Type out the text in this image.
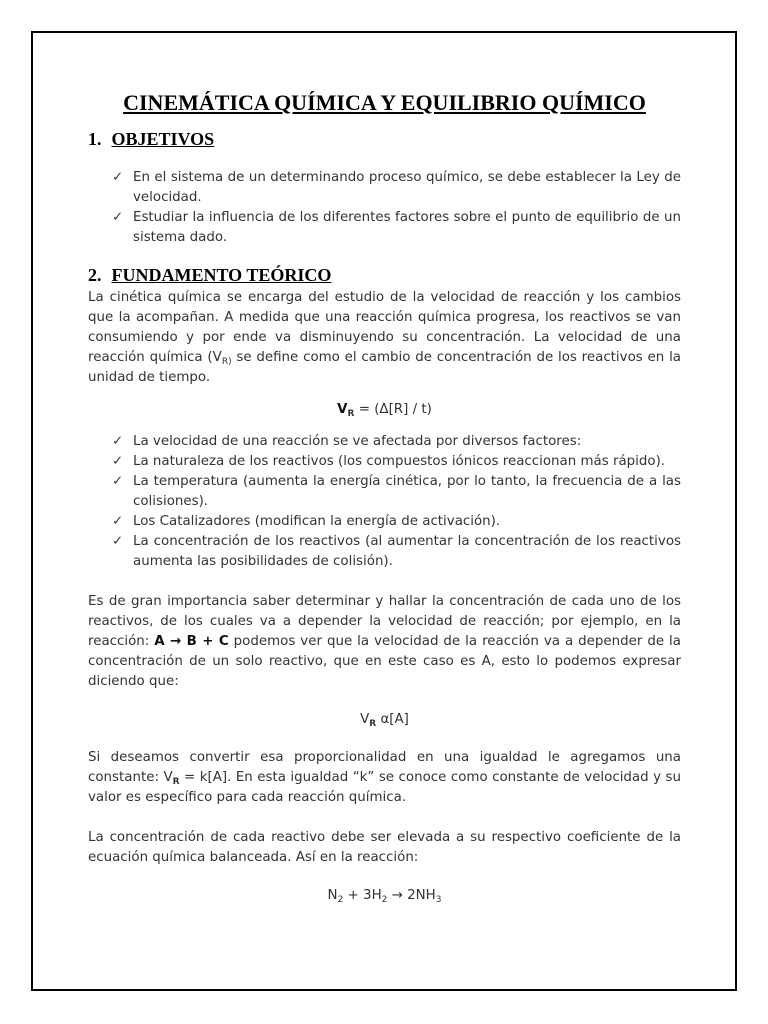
CINEMÁTICA QUÍMICA Y EQUILIBRIO QUÍMICO
1. OBJETIVOS
✓ En el sistema de un determinando proceso químico, se debe establecer la Ley de velocidad.
✓ Estudiar la influencia de los diferentes factores sobre el punto de equilibrio de un sistema dado.
2. FUNDAMENTO TEÓRICO

La cinética química se encarga del estudio de la velocidad de reacción y los cambios que la acompañan. A medida que una reacción química progresa, los reactivos se van consumiendo y por ende va disminuyendo su concentración. La velocidad de una reacción química ($V_{R)}$ se define como el cambio de concentración de los reactivos en la unidad de tiempo.

$V_R = (\Delta[R] / t)$

✓ La velocidad de una reacción se ve afectada por diversos factores:
✓ La naturaleza de los reactivos (los compuestos iónicos reaccionan más rápido).
✓ La temperatura (aumenta la energía cinética, por lo tanto, la frecuencia de a las colisiones).
✓ Los Catalizadores (modifican la energía de activación).
✓ La concentración de los reactivos (al aumentar la concentración de los reactivos aumenta las posibilidades de colisión).

Es de gran importancia saber determinar y hallar la concentración de cada uno de los reactivos, de los cuales va a depender la velocidad de reacción; por ejemplo, en la reacción: A → B + C podemos ver que la velocidad de la reacción va a depender de la concentración de un solo reactivo, que en este caso es A, esto lo podemos expresar diciendo que:

$V_R$ α[A]

Si deseamos convertir esa proporcionalidad en una igualdad le agregamos una constante: $V_R = k[A]$. En esta igualdad “k” se conoce como constante de velocidad y su valor es específico para cada reacción química.

La concentración de cada reactivo debe ser elevada a su respectivo coeficiente de la ecuación química balanceada. Así en la reacción:

$N_2 + 3H_2 \to 2NH_3$
